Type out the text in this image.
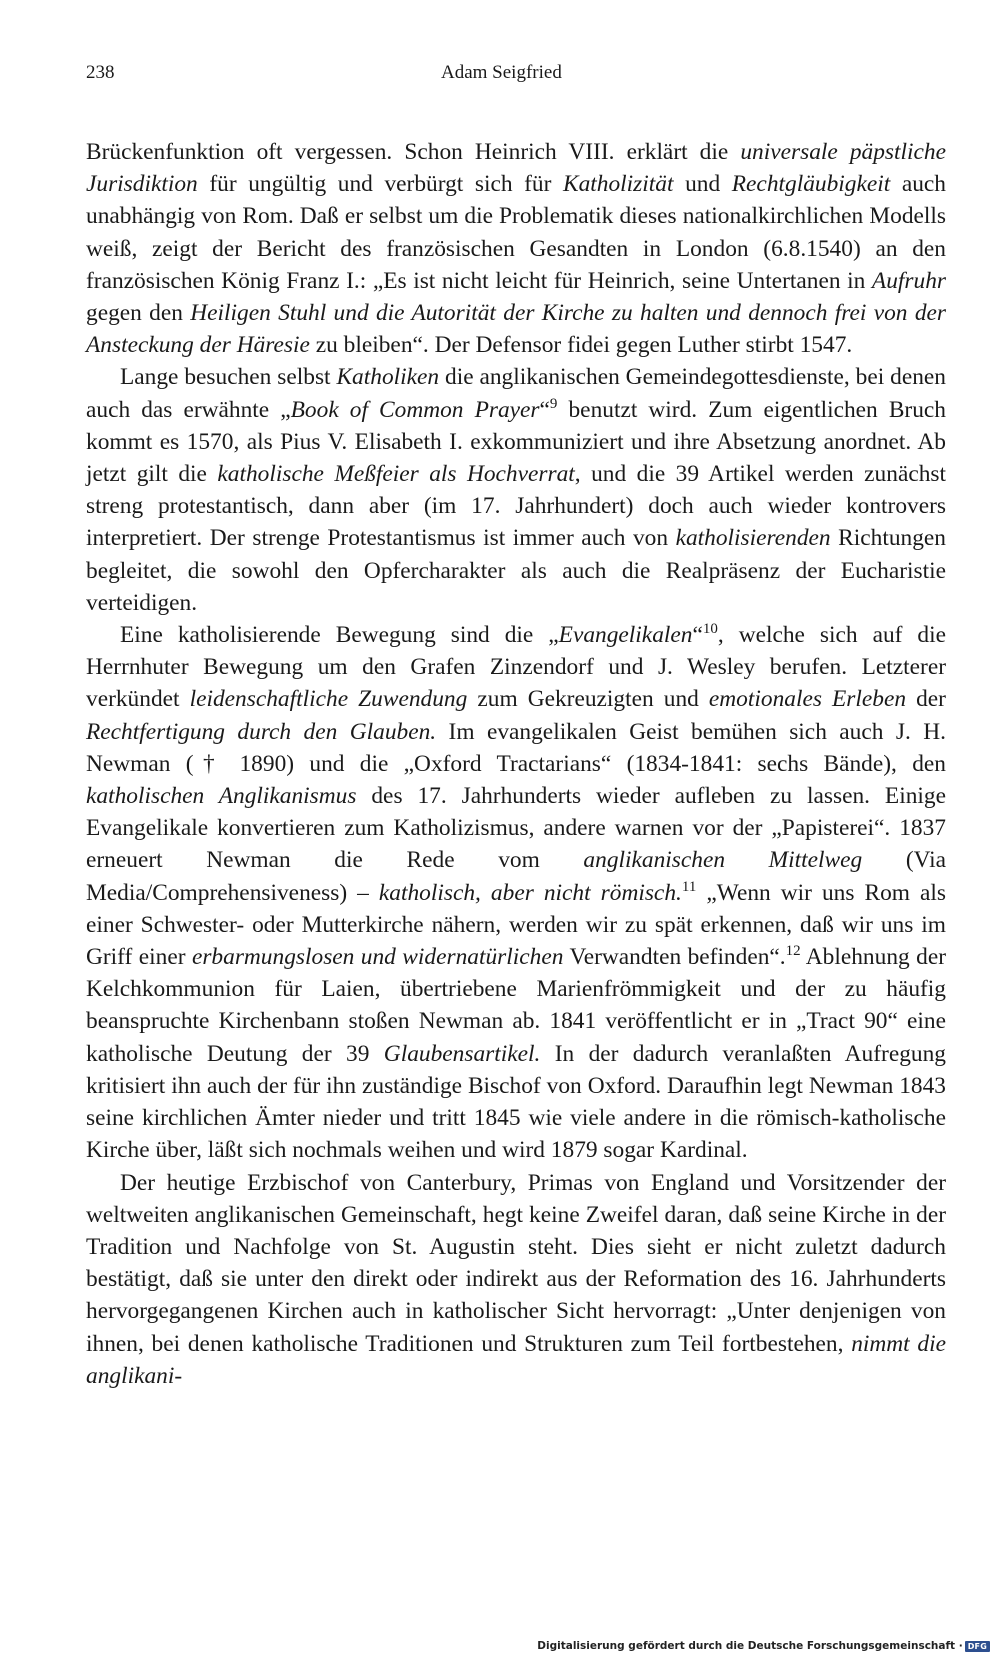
238	Adam Seigfried

Brückenfunktion oft vergessen. Schon Heinrich VIII. erklärt die universale päpstliche Jurisdiktion für ungültig und verbürgt sich für Katholizität und Rechtgläubigkeit auch unabhängig von Rom. Daß er selbst um die Problematik dieses nationalkirchlichen Modells weiß, zeigt der Bericht des französischen Gesandten in London (6.8.1540) an den französischen König Franz I.: „Es ist nicht leicht für Heinrich, seine Untertanen in Aufruhr gegen den Heiligen Stuhl und die Autorität der Kirche zu halten und dennoch frei von der Ansteckung der Häresie zu bleiben“. Der Defensor fidei gegen Luther stirbt 1547.

Lange besuchen selbst Katholiken die anglikanischen Gemeindegottesdienste, bei denen auch das erwähnte „Book of Common Prayer“$^9$ benutzt wird. Zum eigentlichen Bruch kommt es 1570, als Pius V. Elisabeth I. exkommuniziert und ihre Absetzung anordnet. Ab jetzt gilt die katholische Meßfeier als Hochverrat, und die 39 Artikel werden zunächst streng protestantisch, dann aber (im 17. Jahrhundert) doch auch wieder kontrovers interpretiert. Der strenge Protestantismus ist immer auch von katholisierenden Richtungen begleitet, die sowohl den Opfercharakter als auch die Realpräsenz der Eucharistie verteidigen.

Eine katholisierende Bewegung sind die „Evangelikalen“$^{10}$, welche sich auf die Herrnhuter Bewegung um den Grafen Zinzendorf und J. Wesley berufen. Letzterer verkündet leidenschaftliche Zuwendung zum Gekreuzigten und emotionales Erleben der Rechtfertigung durch den Glauben. Im evangelikalen Geist bemühen sich auch J. H. Newman († 1890) und die „Oxford Tractarians“ (1834-1841: sechs Bände), den katholischen Anglikanismus des 17. Jahrhunderts wieder aufleben zu lassen. Einige Evangelikale konvertieren zum Katholizismus, andere warnen vor der „Papisterei“. 1837 erneuert Newman die Rede vom anglikanischen Mittelweg (Via Media/Comprehensiveness) – katholisch, aber nicht römisch.$^{11}$ „Wenn wir uns Rom als einer Schwester- oder Mutterkirche nähern, werden wir zu spät erkennen, daß wir uns im Griff einer erbarmungslosen und widernatürlichen Verwandten befinden“.$^{12}$ Ablehnung der Kelchkommunion für Laien, übertriebene Marienfrömmigkeit und der zu häufig beanspruchte Kirchenbann stoßen Newman ab. 1841 veröffentlicht er in „Tract 90“ eine katholische Deutung der 39 Glaubensartikel. In der dadurch veranlaßten Aufregung kritisiert ihn auch der für ihn zuständige Bischof von Oxford. Daraufhin legt Newman 1843 seine kirchlichen Ämter nieder und tritt 1845 wie viele andere in die römisch-katholische Kirche über, läßt sich nochmals weihen und wird 1879 sogar Kardinal.

Der heutige Erzbischof von Canterbury, Primas von England und Vorsitzender der weltweiten anglikanischen Gemeinschaft, hegt keine Zweifel daran, daß seine Kirche in der Tradition und Nachfolge von St. Augustin steht. Dies sieht er nicht zuletzt dadurch bestätigt, daß sie unter den direkt oder indirekt aus der Reformation des 16. Jahrhunderts hervorgegangenen Kirchen auch in katholischer Sicht hervorragt: „Unter denjenigen von ihnen, bei denen katholische Traditionen und Strukturen zum Teil fortbestehen, nimmt die anglikani-

Digitalisierung gefördert durch die Deutsche Forschungsgemeinschaft · DFG
